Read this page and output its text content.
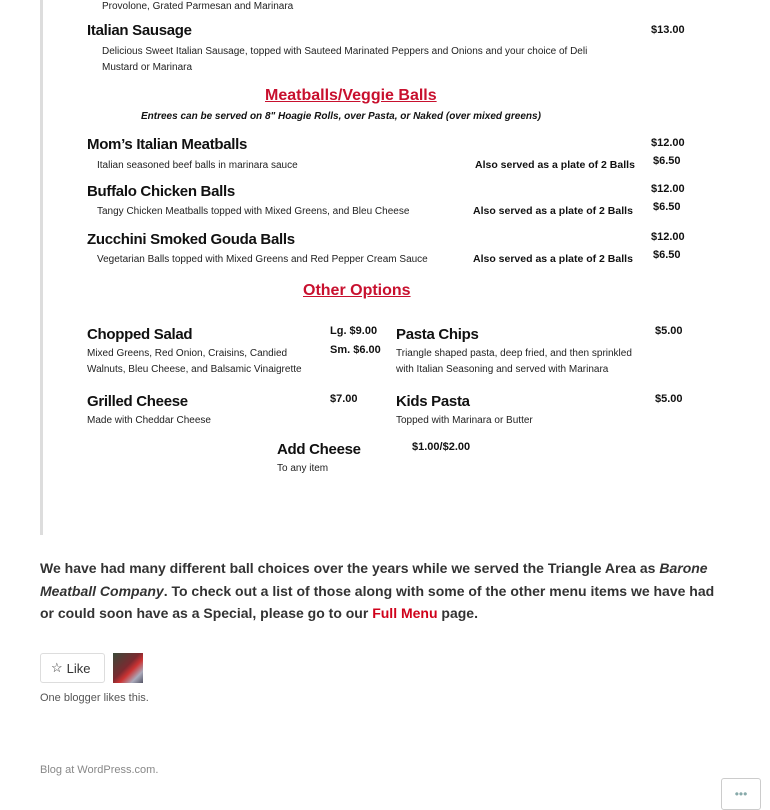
Provolone, Grated Parmesan and Marinara
Italian Sausage	$13.00
Delicious Sweet Italian Sausage, topped with Sauteed Marinated Peppers and Onions and your choice of Deli
Mustard or Marinara
Meatballs/Veggie Balls
Entrees can be served on 8" Hoagie Rolls, over Pasta, or Naked (over mixed greens)
Mom’s Italian Meatballs
Italian seasoned beef balls in marinara sauce	Also served as a plate of 2 Balls
$12.00
$6.50
Buffalo Chicken Balls
Tangy Chicken Meatballs topped with Mixed Greens, and Bleu Cheese	Also served as a plate of 2 Balls
$12.00
$6.50
Zucchini Smoked Gouda Balls
Vegetarian Balls topped with Mixed Greens and Red Pepper Cream Sauce	Also served as a plate of 2 Balls
$12.00
$6.50
Other Options
Chopped Salad	Lg. $9.00
Sm. $6.00
Mixed Greens, Red Onion, Craisins, Candied
Walnuts, Bleu Cheese, and Balsamic Vinaigrette
Pasta Chips	$5.00
Triangle shaped pasta, deep fried, and then sprinkled
with Italian Seasoning and served with Marinara
Grilled Cheese	$7.00
Made with Cheddar Cheese
Kids Pasta	$5.00
Topped with Marinara or Butter
Add Cheese	$1.00/$2.00
To any item
We have had many different ball choices over the years while we served the Triangle Area as Barone Meatball Company. To check out a list of those along with some of the other menu items we have had or could soon have as a Special, please go to our Full Menu page.
☆ Like
One blogger likes this.
Blog at WordPress.com.
•••
